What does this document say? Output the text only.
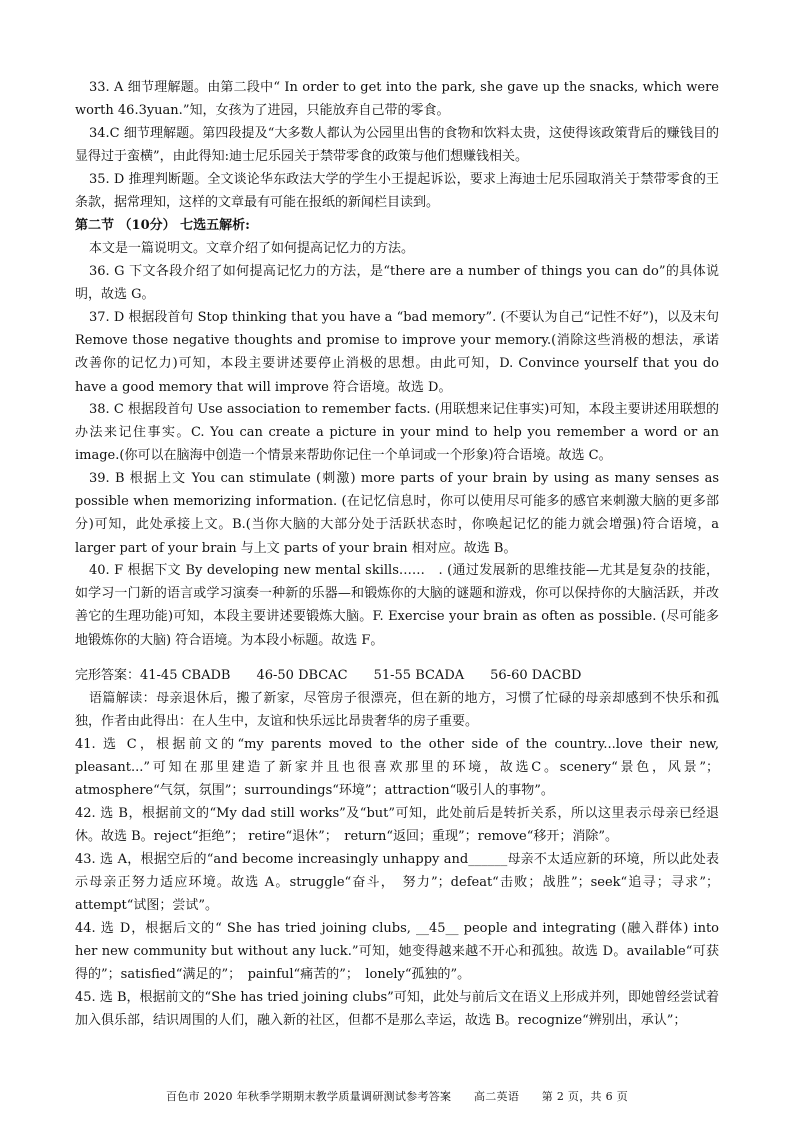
33. A 细节理解题。由第二段中“ In order to get into the park, she gave up the snacks, which were worth 46.3yuan.”知，女孩为了进园，只能放弃自己带的零食。
34.C 细节理解题。第四段提及“大多数人都认为公园里出售的食物和饮料太贵，这使得该政策背后的赚钱目的显得过于蛮横”，由此得知:迪士尼乐园关于禁带零食的政策与他们想赚钱相关。
35. D 推理判断题。全文谈论华东政法大学的学生小王提起诉讼，要求上海迪士尼乐园取消关于禁带零食的王条款，据常理知，这样的文章最有可能在报纸的新闻栏目读到。
第二节 （10分） 七选五解析:
本文是一篇说明文。文章介绍了如何提高记忆力的方法。
36. G 下文各段介绍了如何提高记忆力的方法，是“there are a number of things you can do”的具体说明，故选 G。
37. D 根据段首句 Stop thinking that you have a “bad memory”. (不要认为自己“记性不好”)，以及末句 Remove those negative thoughts and promise to improve your memory.(消除这些消极的想法，承诺改善你的记忆力)可知，本段主要讲述要停止消极的思想。由此可知，D. Convince yourself that you do have a good memory that will improve 符合语境。故选 D。
38. C 根据段首句 Use association to remember facts. (用联想来记住事实)可知，本段主要讲述用联想的办法来记住事实。C. You can create a picture in your mind to help you remember a word or an image.(你可以在脑海中创造一个情景来帮助你记住一个单词或一个形象)符合语境。故选 C。
39. B 根据上文 You can stimulate (刺激) more parts of your brain by using as many senses as possible when memorizing information. (在记忆信息时，你可以使用尽可能多的感官来刺激大脑的更多部分)可知，此处承接上文。B.(当你大脑的大部分处于活跃状态时，你唤起记忆的能力就会增强)符合语境，a larger part of your brain 与上文 parts of your brain 相对应。故选 B。
40. F 根据下文 By developing new mental skills……　. (通过发展新的思维技能—尤其是复杂的技能，如学习一门新的语言或学习演奏一种新的乐器—和锻炼你的大脑的谜题和游戏，你可以保持你的大脑活跃，并改善它的生理功能)可知，本段主要讲述要锻炼大脑。F. Exercise your brain as often as possible. (尽可能多地锻炼你的大脑) 符合语境。为本段小标题。故选 F。
完形答案：41-45 CBADB　　46-50 DBCAC　　51-55 BCADA　　56-60 DACBD
语篇解读：母亲退休后，搬了新家，尽管房子很漂亮，但在新的地方，习惯了忙碌的母亲却感到不快乐和孤独，作者由此得出：在人生中，友谊和快乐远比昂贵奢华的房子重要。
41. 选 C，根据前文的“my parents moved to the other side of the country...love their new, pleasant...”可知在那里建造了新家并且也很喜欢那里的环境，故选C。scenery“景色，风景”；atmosphere“气氛，氛围”；surroundings“环境”；attraction“吸引人的事物”。
42. 选 B，根据前文的“My dad still works”及“but”可知，此处前后是转折关系，所以这里表示母亲已经退休。故选 B。reject“拒绝”； retire“退休”；　return“返回；重现”；remove“移开；消除”。
43. 选 A，根据空后的“and become increasingly unhappy and______母亲不太适应新的环境，所以此处表示母亲正努力适应环境。故选 A。struggle“奋斗，　努力”；defeat“击败；战胜”；seek“追寻；寻求”；attempt“试图；尝试”。
44. 选 D，根据后文的“ She has tried joining clubs, __45__ people and integrating (融入群体) into her new community but without any luck.”可知，她变得越来越不开心和孤独。故选 D。available“可获得的”；satisfied“满足的”；　painful“痛苦的”；　lonely“孤独的”。
45. 选 B，根据前文的“She has tried joining clubs”可知，此处与前后文在语义上形成并列，即她曾经尝试着加入俱乐部，结识周围的人们，融入新的社区，但都不是那么幸运，故选 B。recognize“辨别出，承认”；
百色市 2020 年秋季学期期末教学质量调研测试参考答案　　高二英语　　第 2 页，共 6 页
